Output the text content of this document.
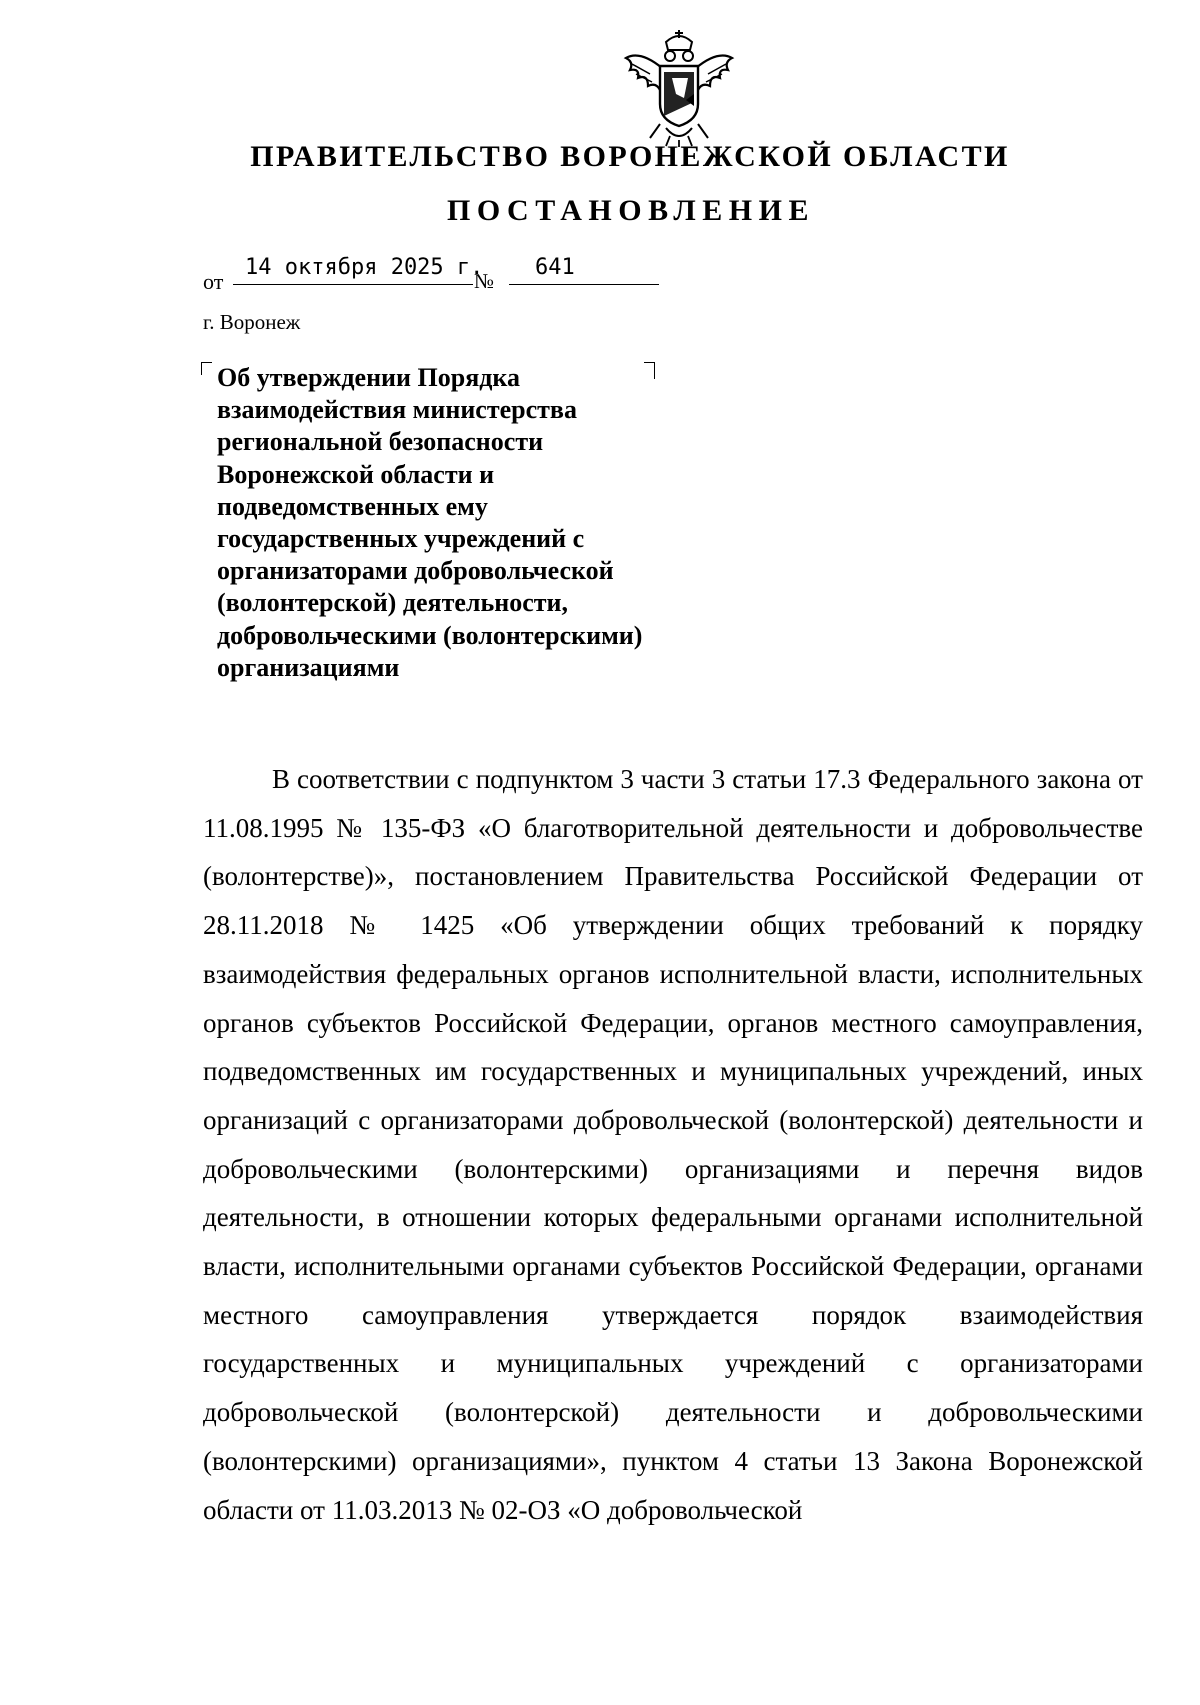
ПРАВИТЕЛЬСТВО ВОРОНЕЖСКОЙ ОБЛАСТИ
ПОСТАНОВЛЕНИЕ
от
14 октября 2025 г.
№
641
г. Воронеж
Об утверждении Порядка взаимодействия министерства региональной безопасности Воронежской области и подведомственных ему государственных учреждений с организаторами добровольческой (волонтерской) деятельности, добровольческими (волонтерскими) организациями

В соответствии с подпунктом 3 части 3 статьи 17.3 Федерального закона от 11.08.1995 № 135-ФЗ «О благотворительной деятельности и добровольчестве (волонтерстве)», постановлением Правительства Российской Федерации от 28.11.2018 № 1425 «Об утверждении общих требований к порядку взаимодействия федеральных органов исполнительной власти, исполнительных органов субъектов Российской Федерации, органов местного самоуправления, подведомственных им государственных и муниципальных учреждений, иных организаций с организаторами добровольческой (волонтерской) деятельности и добровольческими (волонтерскими) организациями и перечня видов деятельности, в отношении которых федеральными органами исполнительной власти, исполнительными органами субъектов Российской Федерации, органами местного самоуправления утверждается порядок взаимодействия государственных и муниципальных учреждений с организаторами добровольческой (волонтерской) деятельности и добровольческими (волонтерскими) организациями», пунктом 4 статьи 13 Закона Воронежской области от 11.03.2013 № 02-ОЗ «О добровольческой
